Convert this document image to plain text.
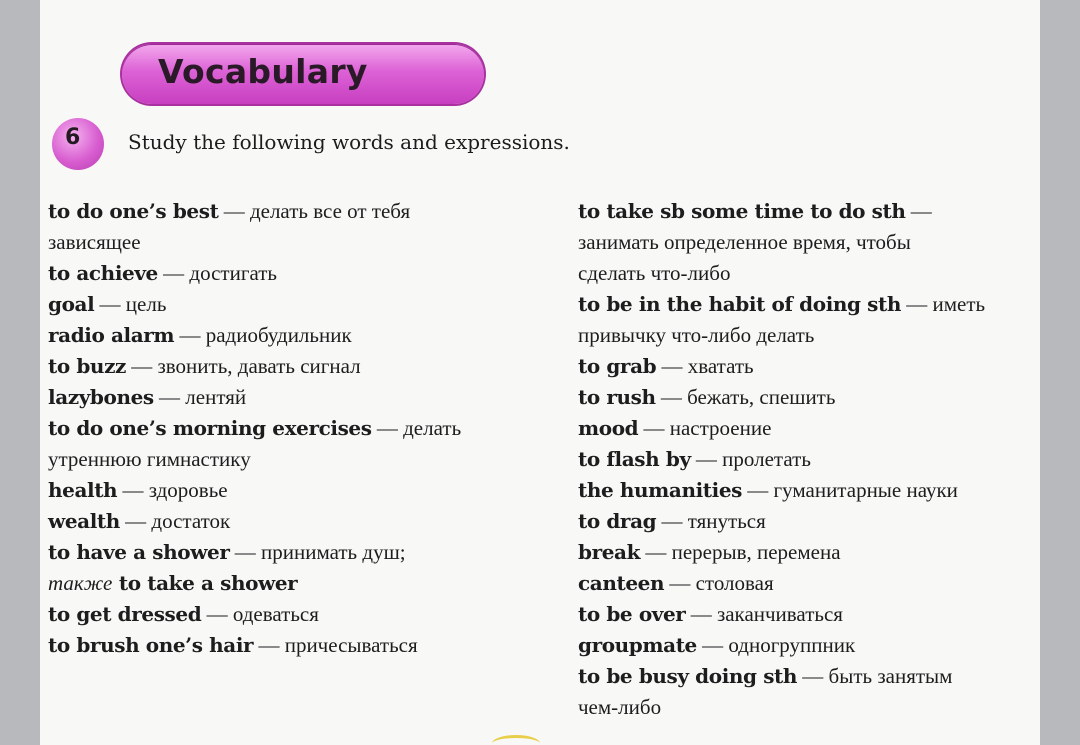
Vocabulary
6 Study the following words and expressions.
to do one’s best — делать все от тебя
зависящее
to achieve — достигать
goal — цель
radio alarm — радиобудильник
to buzz — звонить, давать сигнал
lazybones — лентяй
to do one’s morning exercises — делать
утреннюю гимнастику
health — здоровье
wealth — достаток
to have a shower — принимать душ;
также to take a shower
to get dressed — одеваться
to brush one’s hair — причесываться
to take sb some time to do sth —
занимать определенное время, чтобы
сделать что-либо
to be in the habit of doing sth — иметь
привычку что-либо делать
to grab — хватать
to rush — бежать, спешить
mood — настроение
to flash by — пролетать
the humanities — гуманитарные науки
to drag — тянуться
break — перерыв, перемена
canteen — столовая
to be over — заканчиваться
groupmate — одногруппник
to be busy doing sth — быть занятым
чем-либо
